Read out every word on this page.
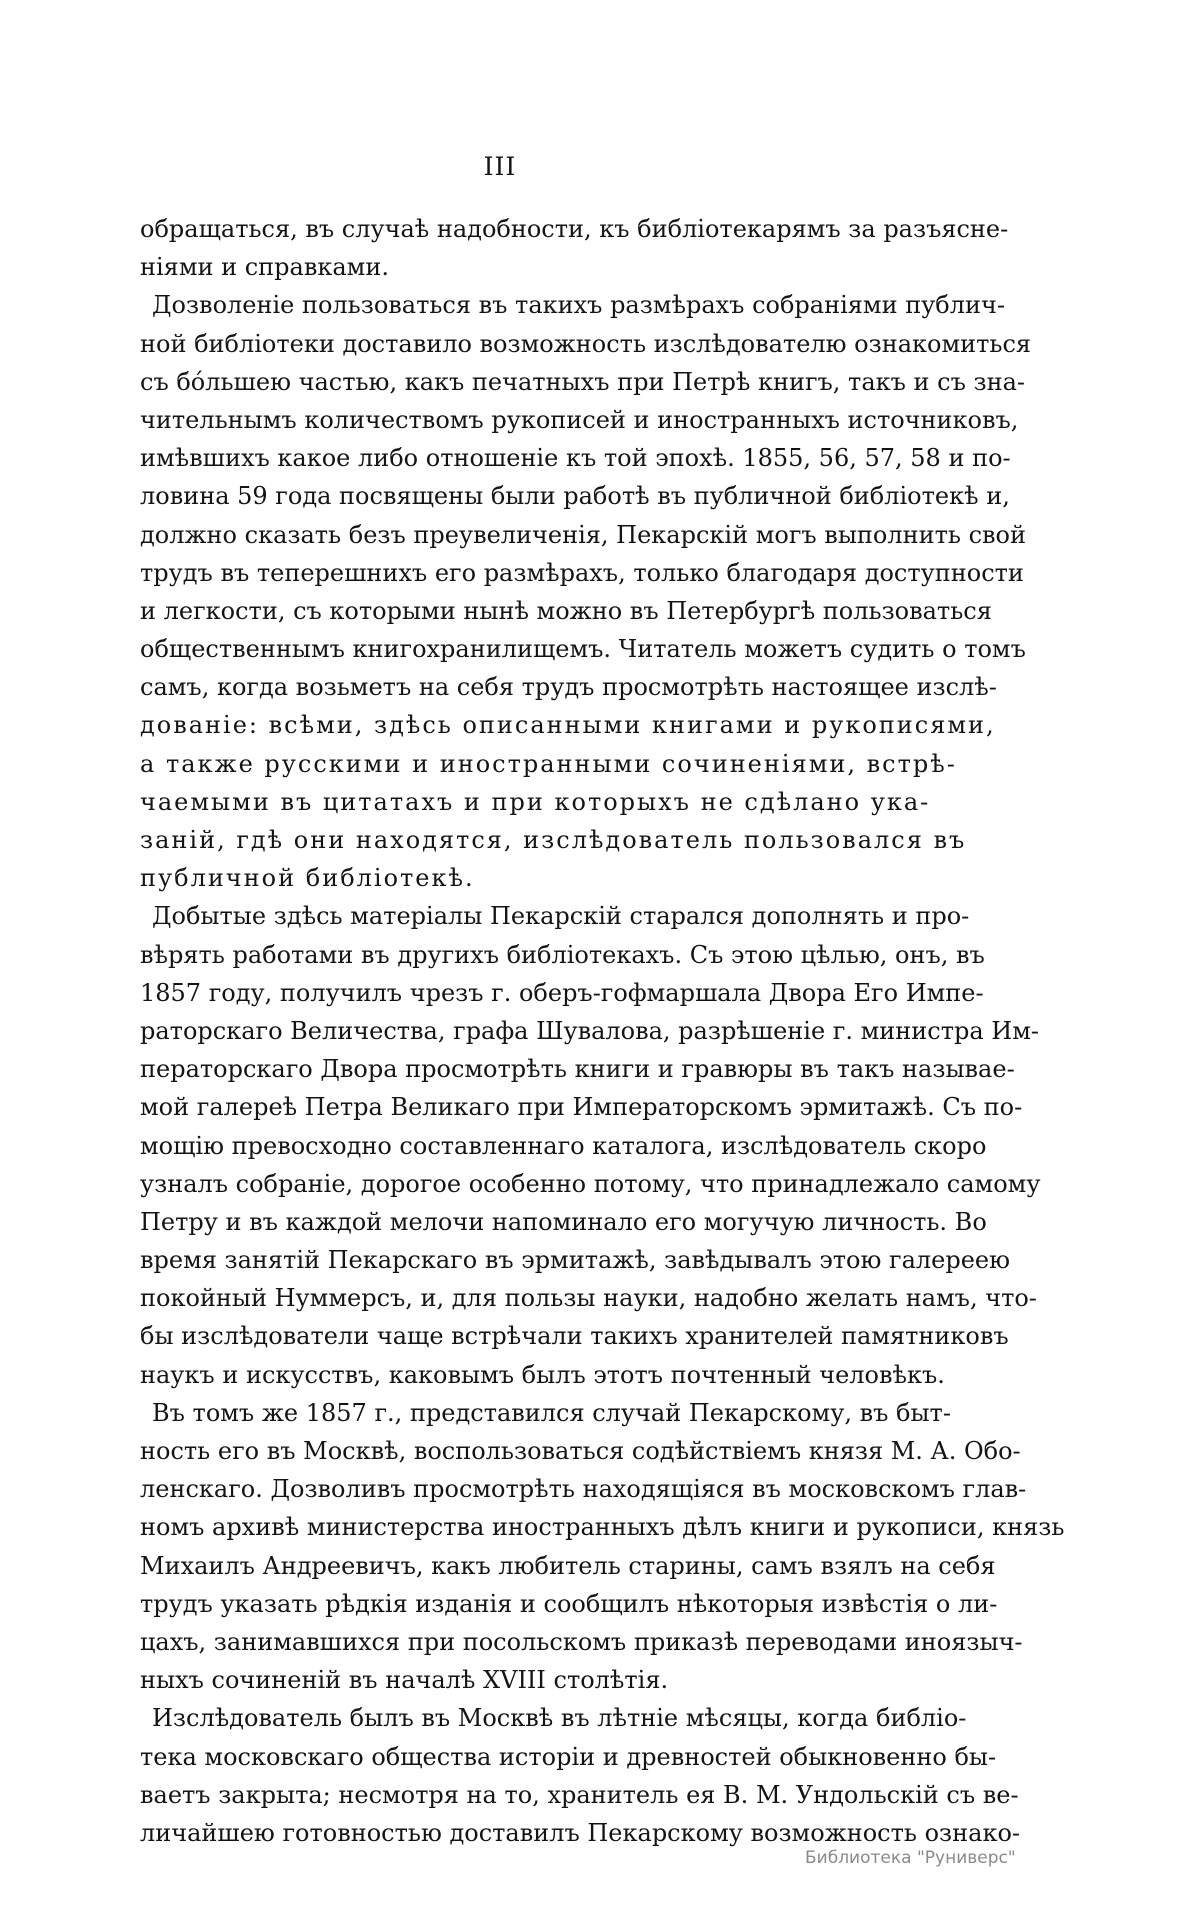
III
обращаться, въ случаѣ надобности, къ библіотекарямъ за разъясне-
ніями и справками.
Дозволеніе пользоваться въ такихъ размѣрахъ собраніями публич-
ной библіотеки доставило возможность изслѣдователю ознакомиться
съ бóльшею частью, какъ печатныхъ при Петрѣ книгъ, такъ и съ зна-
чительнымъ количествомъ рукописей и иностранныхъ источниковъ,
имѣвшихъ какое либо отношеніе къ той эпохѣ. 1855, 56, 57, 58 и по-
ловина 59 года посвящены были работѣ въ публичной библіотекѣ и,
должно сказать безъ преувеличенія, Пекарскій могъ выполнить свой
трудъ въ теперешнихъ его размѣрахъ, только благодаря доступности
и легкости, съ которыми нынѣ можно въ Петербургѣ пользоваться
общественнымъ книгохранилищемъ. Читатель можетъ судить о томъ
самъ, когда возьметъ на себя трудъ просмотрѣть настоящее изслѣ-
дованіе: всѣми, здѣсь описанными книгами и рукописями,
а также русскими и иностранными сочиненіями, встрѣ-
чаемыми въ цитатахъ и при которыхъ не сдѣлано ука-
заній, гдѣ они находятся, изслѣдователь пользовался въ
публичной библіотекѣ.
Добытые здѣсь матеріалы Пекарскій старался дополнять и про-
вѣрять работами въ другихъ библіотекахъ. Съ этою цѣлью, онъ, въ
1857 году, получилъ чрезъ г. оберъ-гофмаршала Двора Его Импе-
раторскаго Величества, графа Шувалова, разрѣшеніе г. министра Им-
ператорскаго Двора просмотрѣть книги и гравюры въ такъ называе-
мой галереѣ Петра Великаго при Императорскомъ эрмитажѣ. Съ по-
мощію превосходно составленнаго каталога, изслѣдователь скоро
узналъ собраніе, дорогое особенно потому, что принадлежало самому
Петру и въ каждой мелочи напоминало его могучую личность. Во
время занятій Пекарскаго въ эрмитажѣ, завѣдывалъ этою галереею
покойный Нуммерсъ, и, для пользы науки, надобно желать намъ, что-
бы изслѣдователи чаще встрѣчали такихъ хранителей памятниковъ
наукъ и искусствъ, каковымъ былъ этотъ почтенный человѣкъ.
Въ томъ же 1857 г., представился случай Пекарскому, въ быт-
ность его въ Москвѣ, воспользоваться содѣйствіемъ князя М. А. Обо-
ленскаго. Дозволивъ просмотрѣть находящіяся въ московскомъ глав-
номъ архивѣ министерства иностранныхъ дѣлъ книги и рукописи, князь
Михаилъ Андреевичъ, какъ любитель старины, самъ взялъ на себя
трудъ указать рѣдкія изданія и сообщилъ нѣкоторыя извѣстія о ли-
цахъ, занимавшихся при посольскомъ приказѣ переводами иноязыч-
ныхъ сочиненій въ началѣ XVIII столѣтія.
Изслѣдователь былъ въ Москвѣ въ лѣтніе мѣсяцы, когда библіо-
тека московскаго общества исторіи и древностей обыкновенно бы-
ваетъ закрыта; несмотря на то, хранитель ея В. М. Ундольскій съ ве-
личайшею готовностью доставилъ Пекарскому возможность ознако-
Библиотека "Руниверс"
